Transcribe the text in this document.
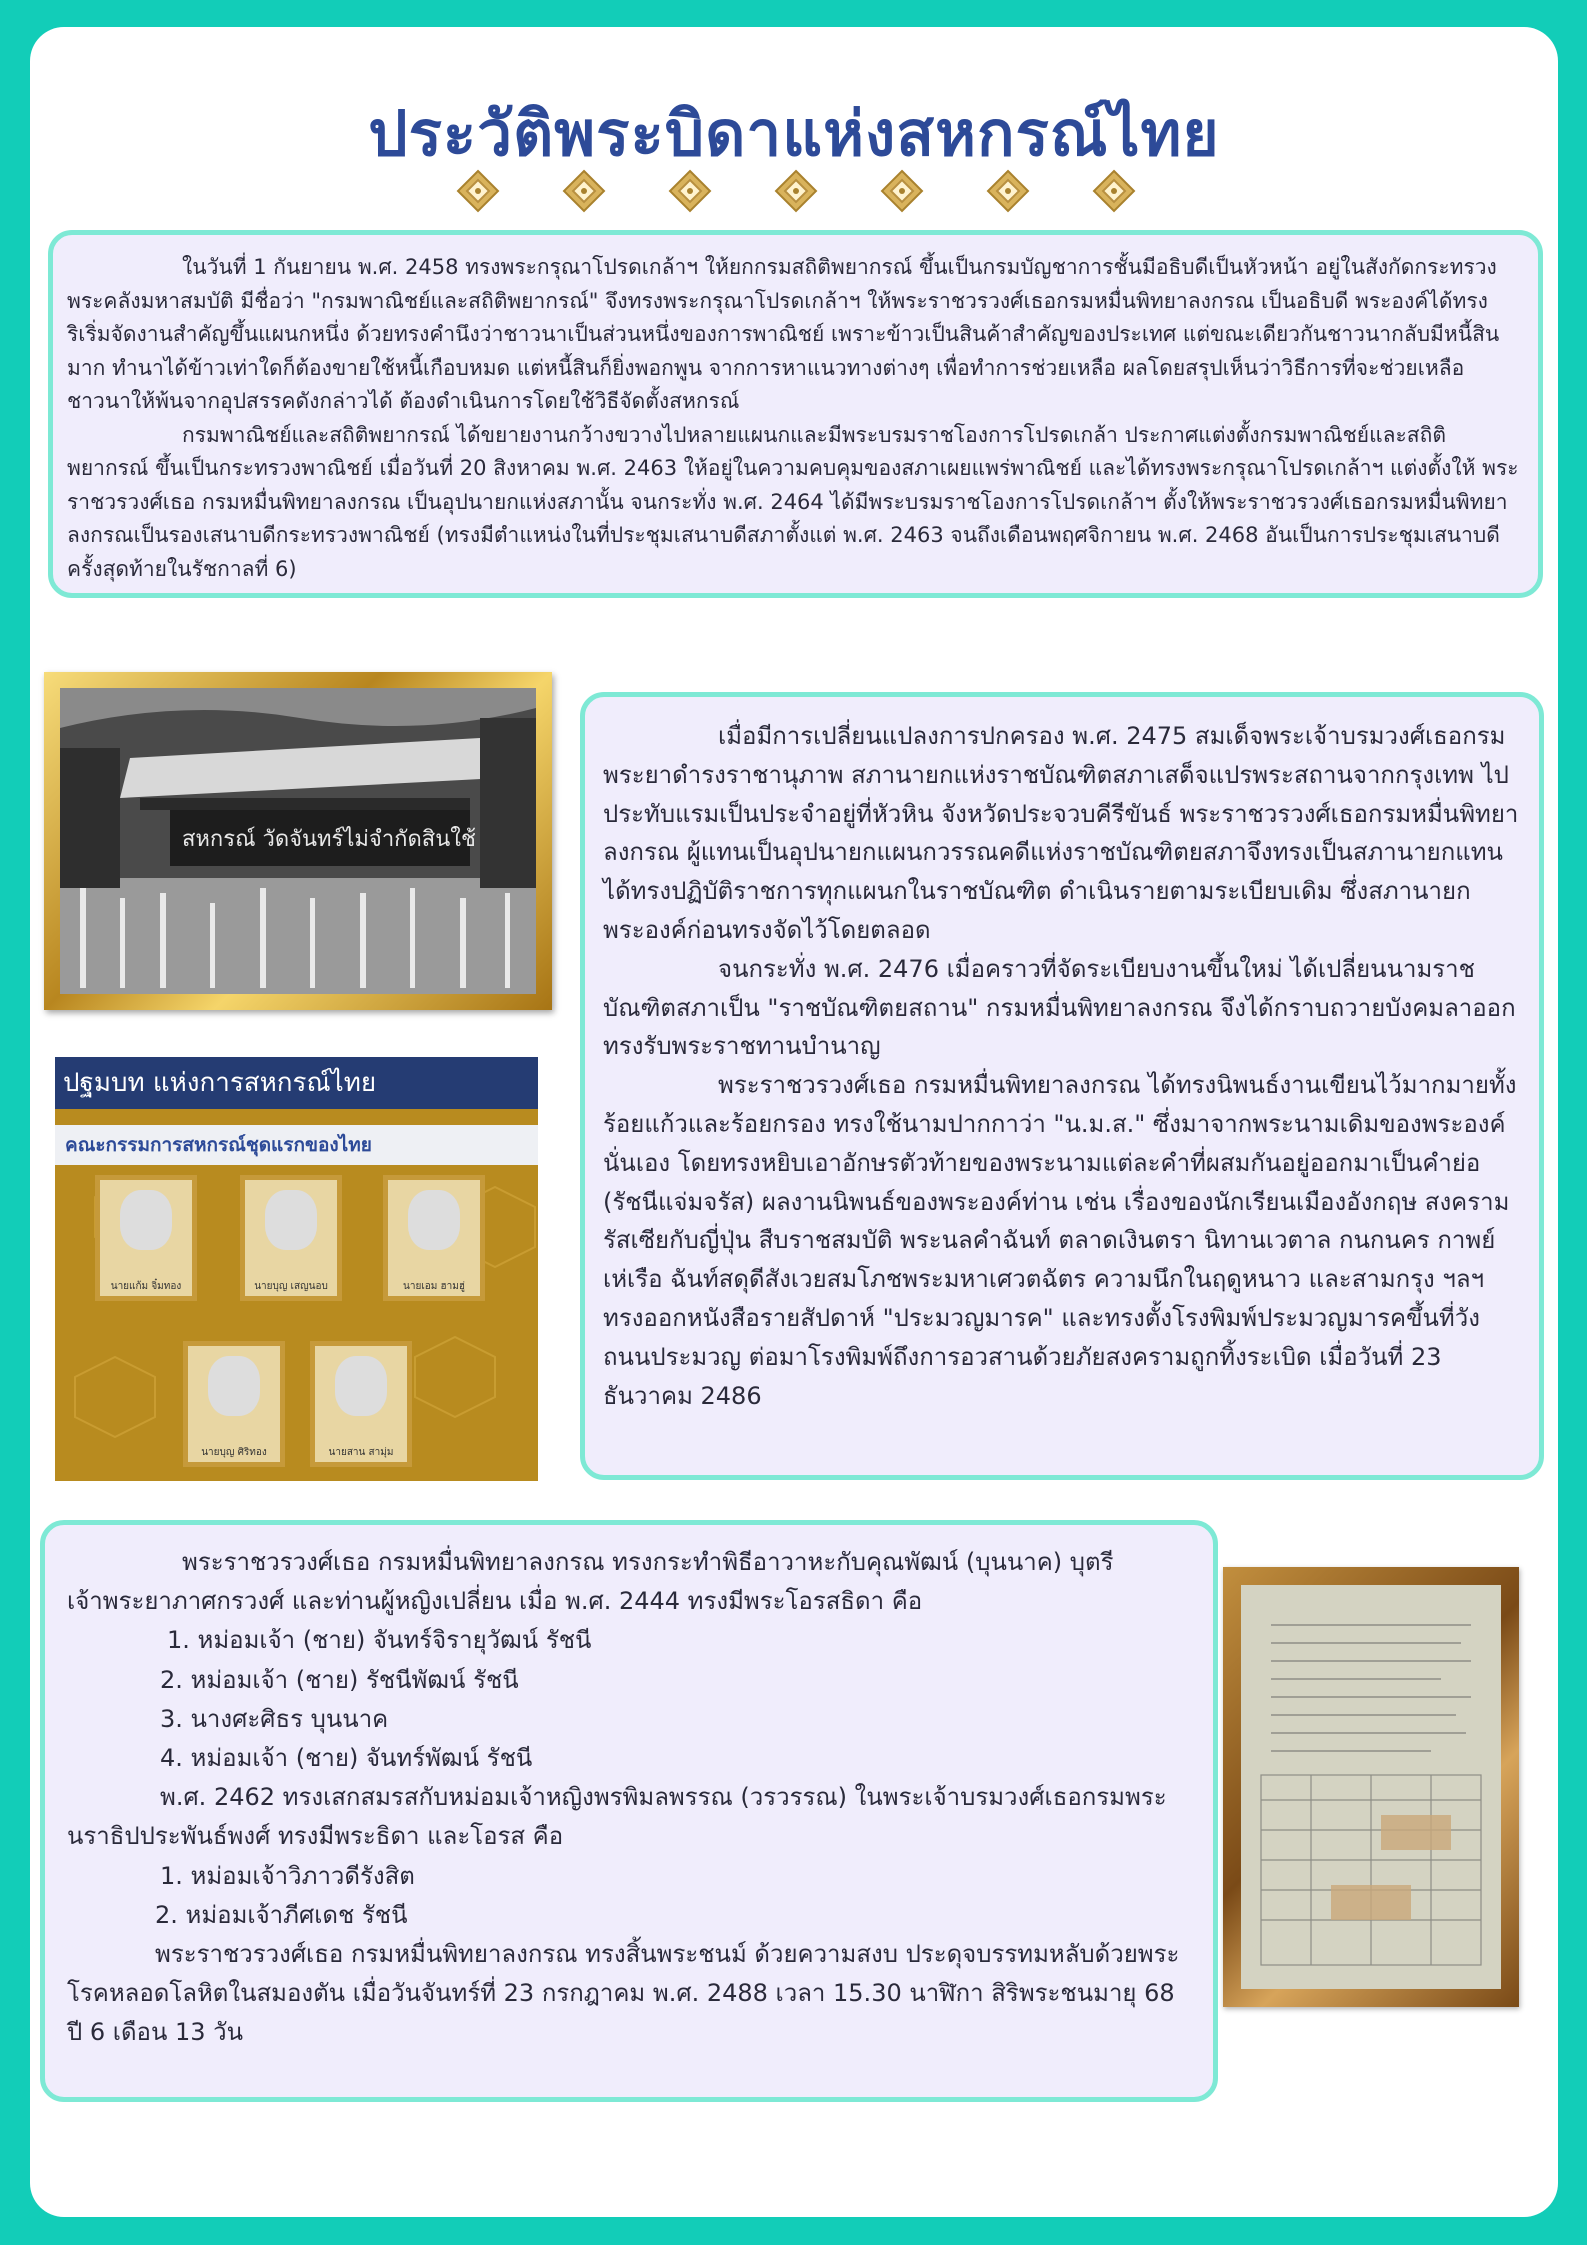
ประวัติพระบิดาแห่งสหกรณ์ไทย

ในวันที่ 1 กันยายน พ.ศ. 2458 ทรงพระกรุณาโปรดเกล้าฯ ให้ยกกรมสถิติพยากรณ์ ขึ้นเป็นกรมบัญชาการชั้นมีอธิบดีเป็นหัวหน้า อยู่ในสังกัดกระทรวงพระคลังมหาสมบัติ มีชื่อว่า "กรมพาณิชย์และสถิติพยากรณ์" จึงทรงพระกรุณาโปรดเกล้าฯ ให้พระราชวรวงศ์เธอกรมหมื่นพิทยาลงกรณ เป็นอธิบดี พระองค์ได้ทรงริเริ่มจัดงานสำคัญขึ้นแผนกหนึ่ง ด้วยทรงคำนึงว่าชาวนาเป็นส่วนหนึ่งของการพาณิชย์ เพราะข้าวเป็นสินค้าสำคัญของประเทศ แต่ขณะเดียวกันชาวนากลับมีหนี้สินมาก ทำนาได้ข้าวเท่าใดก็ต้องขายใช้หนี้เกือบหมด แต่หนี้สินก็ยิ่งพอกพูน จากการหาแนวทางต่างๆ เพื่อทำการช่วยเหลือ ผลโดยสรุปเห็นว่าวิธีการที่จะช่วยเหลือชาวนาให้พ้นจากอุปสรรคดังกล่าวได้ ต้องดำเนินการโดยใช้วิธีจัดตั้งสหกรณ์

กรมพาณิชย์และสถิติพยากรณ์ ได้ขยายงานกว้างขวางไปหลายแผนกและมีพระบรมราชโองการโปรดเกล้า ประกาศแต่งตั้งกรมพาณิชย์และสถิติพยากรณ์ ขึ้นเป็นกระทรวงพาณิชย์ เมื่อวันที่ 20 สิงหาคม พ.ศ. 2463 ให้อยู่ในความคบคุมของสภาเผยแพร่พาณิชย์ และได้ทรงพระกรุณาโปรดเกล้าฯ แต่งตั้งให้ พระราชวรวงศ์เธอ กรมหมื่นพิทยาลงกรณ เป็นอุปนายกแห่งสภานั้น จนกระทั่ง พ.ศ. 2464 ได้มีพระบรมราชโองการโปรดเกล้าฯ ตั้งให้พระราชวรวงศ์เธอกรมหมื่นพิทยาลงกรณเป็นรองเสนาบดีกระทรวงพาณิชย์ (ทรงมีตำแหน่งในที่ประชุมเสนาบดีสภาตั้งแต่ พ.ศ. 2463 จนถึงเดือนพฤศจิกายน พ.ศ. 2468 อันเป็นการประชุมเสนาบดีครั้งสุดท้ายในรัชกาลที่ 6)

สหกรณ์ วัดจันทร์ไม่จำกัดสินใช้
ปฐมบท แห่งการสหกรณ์ไทย
คณะกรรมการสหกรณ์ชุดแรกของไทย
นายแก้ม จิ๋มทอง	นายบุญ เสญนอบ	นายเอม ฮามฮู่
นายบุญ ศิริทอง	นายสาน สามุ่ม

เมื่อมีการเปลี่ยนแปลงการปกครอง พ.ศ. 2475 สมเด็จพระเจ้าบรมวงศ์เธอกรมพระยาดำรงราชานุภาพ สภานายกแห่งราชบัณฑิตสภาเสด็จแปรพระสถานจากกรุงเทพ ไปประทับแรมเป็นประจำอยู่ที่หัวหิน จังหวัดประจวบคีรีขันธ์ พระราชวรวงศ์เธอกรมหมื่นพิทยาลงกรณ ผู้แทนเป็นอุปนายกแผนกวรรณคดีแห่งราชบัณฑิตยสภาจึงทรงเป็นสภานายกแทน ได้ทรงปฏิบัติราชการทุกแผนกในราชบัณฑิต ดำเนินรายตามระเบียบเดิม ซึ่งสภานายกพระองค์ก่อนทรงจัดไว้โดยตลอด

จนกระทั่ง พ.ศ. 2476 เมื่อคราวที่จัดระเบียบงานขึ้นใหม่ ได้เปลี่ยนนามราชบัณฑิตสภาเป็น "ราชบัณฑิตยสถาน" กรมหมื่นพิทยาลงกรณ จึงได้กราบถวายบังคมลาออกทรงรับพระราชทานบำนาญ

พระราชวรวงศ์เธอ กรมหมื่นพิทยาลงกรณ ได้ทรงนิพนธ์งานเขียนไว้มากมายทั้งร้อยแก้วและร้อยกรอง ทรงใช้นามปากกาว่า "น.ม.ส." ซึ่งมาจากพระนามเดิมของพระองค์นั่นเอง โดยทรงหยิบเอาอักษรตัวท้ายของพระนามแต่ละคำที่ผสมกันอยู่ออกมาเป็นคำย่อ (รัชนีแจ่มจรัส) ผลงานนิพนธ์ของพระองค์ท่าน เช่น เรื่องของนักเรียนเมืองอังกฤษ สงครามรัสเซียกับญี่ปุ่น สืบราชสมบัติ พระนลคำฉันท์ ตลาดเงินตรา นิทานเวตาล กนกนคร กาพย์ เห่เรือ ฉันท์สดุดีสังเวยสมโภชพระมหาเศวตฉัตร ความนึกในฤดูหนาว และสามกรุง ฯลฯ

ทรงออกหนังสือรายสัปดาห์ "ประมวญมารค" และทรงตั้งโรงพิมพ์ประมวญมารคขึ้นที่วัง ถนนประมวญ ต่อมาโรงพิมพ์ถึงการอวสานด้วยภัยสงครามถูกทิ้งระเบิด เมื่อวันที่ 23 ธันวาคม 2486

พระราชวรวงศ์เธอ กรมหมื่นพิทยาลงกรณ ทรงกระทำพิธีอาวาหะกับคุณพัฒน์ (บุนนาค) บุตรีเจ้าพระยาภาศกรวงศ์ และท่านผู้หญิงเปลี่ยน เมื่อ พ.ศ. 2444 ทรงมีพระโอรสธิดา คือ

1. หม่อมเจ้า (ชาย) จันทร์จิรายุวัฒน์ รัชนี

2. หม่อมเจ้า (ชาย) รัชนีพัฒน์ รัชนี

3. นางศะศิธร บุนนาค

4. หม่อมเจ้า (ชาย) จันทร์พัฒน์ รัชนี

พ.ศ. 2462 ทรงเสกสมรสกับหม่อมเจ้าหญิงพรพิมลพรรณ (วรวรรณ) ในพระเจ้าบรมวงศ์เธอกรมพระนราธิปประพันธ์พงศ์ ทรงมีพระธิดา และโอรส คือ

1. หม่อมเจ้าวิภาวดีรังสิต

2. หม่อมเจ้าภีศเดช รัชนี

พระราชวรวงศ์เธอ กรมหมื่นพิทยาลงกรณ ทรงสิ้นพระชนม์ ด้วยความสงบ ประดุจบรรทมหลับด้วยพระโรคหลอดโลหิตในสมองตัน เมื่อวันจันทร์ที่ 23 กรกฎาคม พ.ศ. 2488 เวลา 15.30 นาฬิกา สิริพระชนมายุ 68 ปี 6 เดือน 13 วัน
